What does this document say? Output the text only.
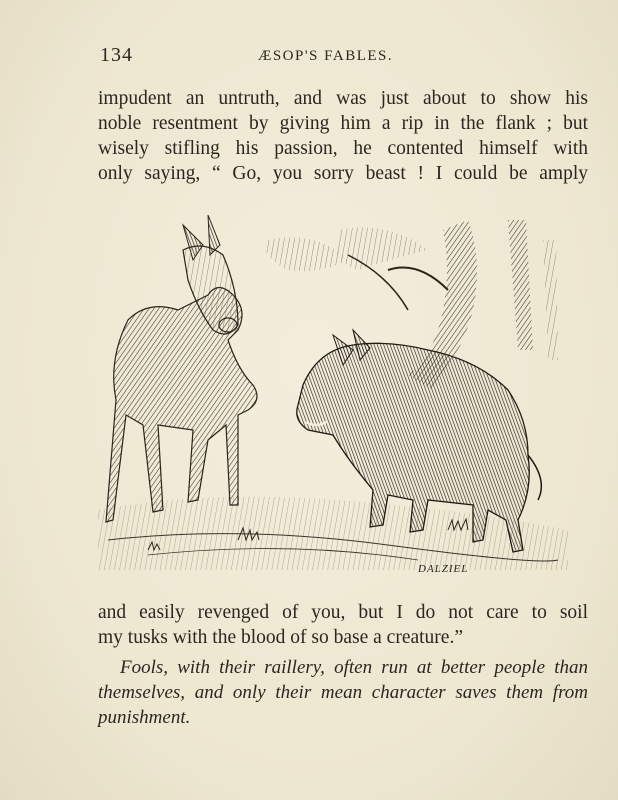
134	ÆSOP'S FABLES.
impudent an untruth, and was just about to show his
noble resentment by giving him a rip in the flank ; but
wisely stifling his passion, he contented himself with
only saying, “ Go, you sorry beast ! I could be amply
DALZIEL
and easily revenged of you, but I do not care to soil
my tusks with the blood of so base a creature.”
Fools, with their raillery, often run at better people than
themselves, and only their mean character saves them from
punishment.
